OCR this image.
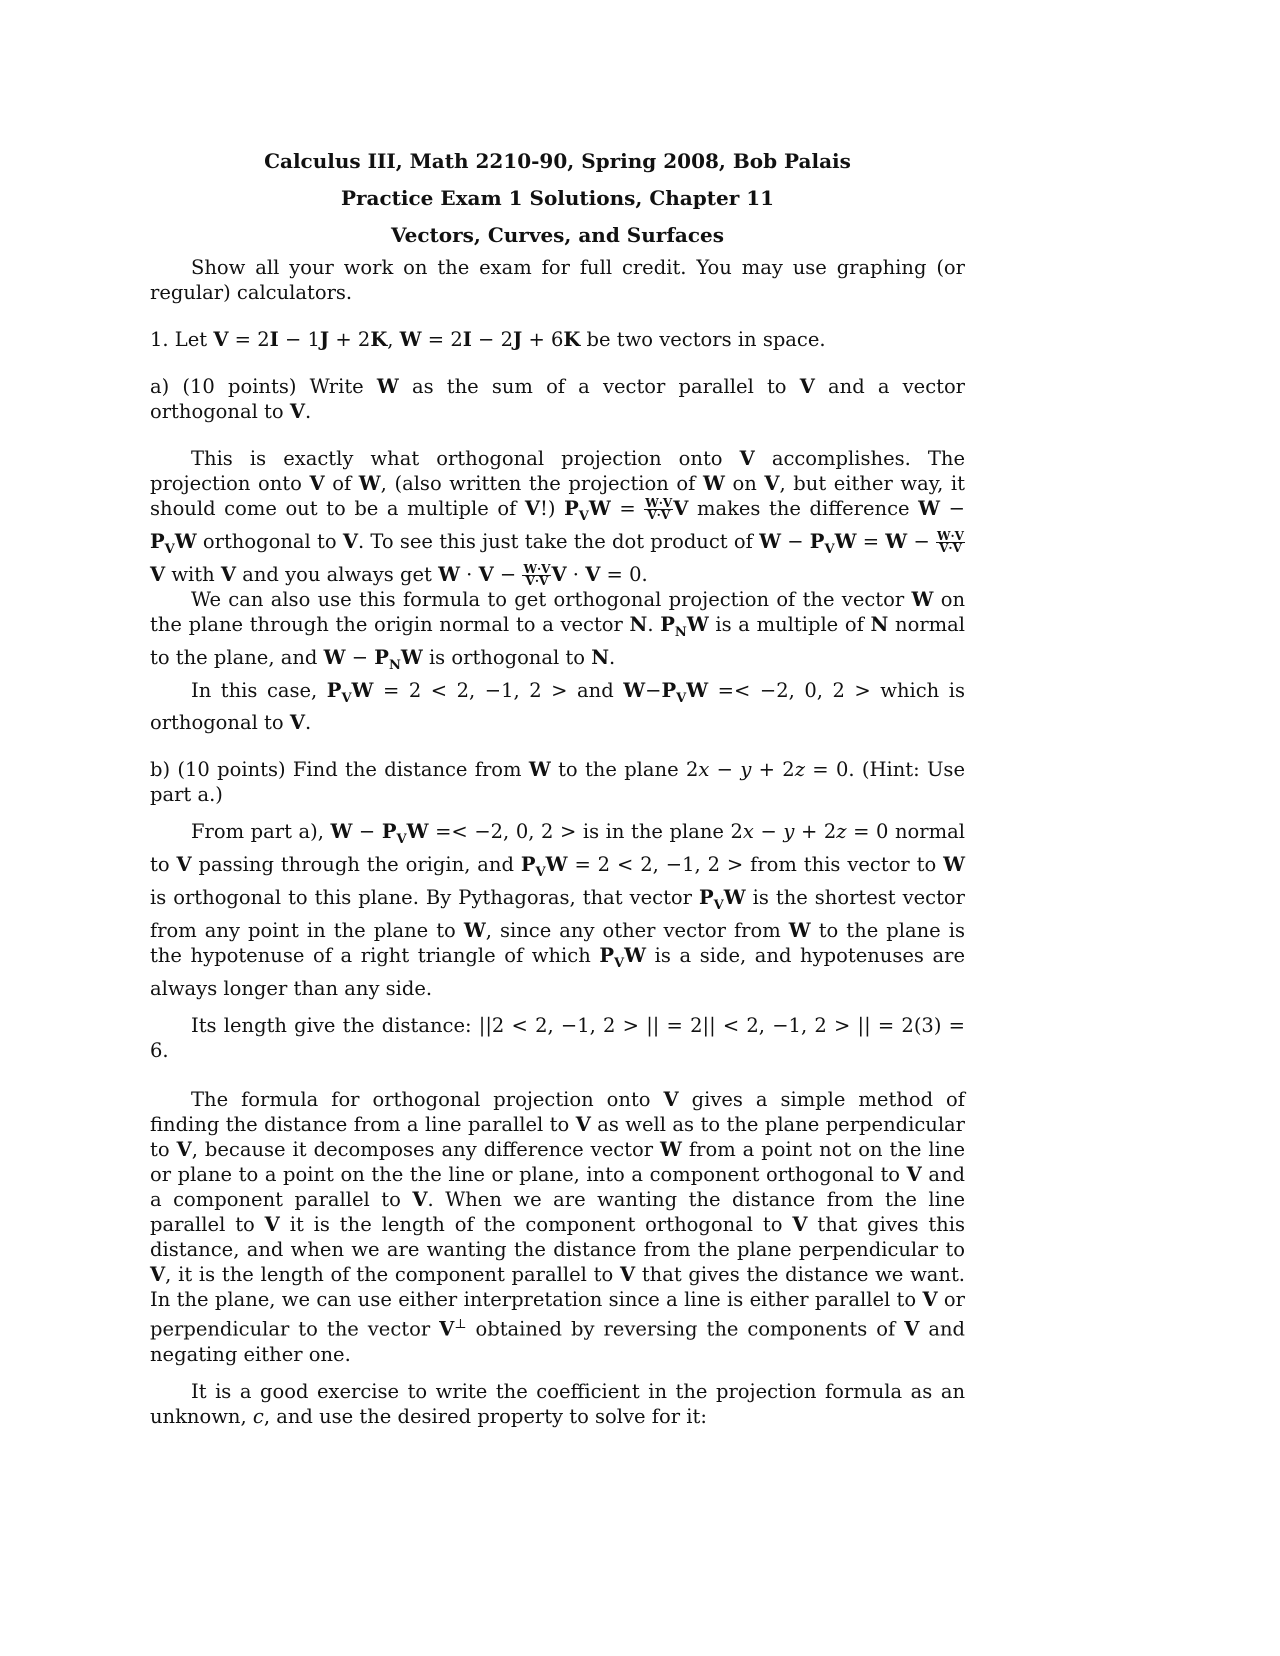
Calculus III, Math 2210-90, Spring 2008, Bob Palais
Practice Exam 1 Solutions, Chapter 11
Vectors, Curves, and Surfaces

Show all your work on the exam for full credit. You may use graphing (or regular) calculators.

1. Let V = 2I − 1J + 2K, W = 2I − 2J + 6K be two vectors in space.

a) (10 points) Write W as the sum of a vector parallel to V and a vector orthogonal to V.

This is exactly what orthogonal projection onto V accomplishes. The projection onto V of W, (also written the projection of W on V, but either way, it should come out to be a multiple of V!) $P_VW = \frac{W\cdot V}{V\cdot V}$ V makes the difference $W - P_VW$ orthogonal to V. To see this just take the dot product of $W - P_VW = W - \frac{W\cdot V}{V\cdot V}$
V with V and you always get $W \cdot V - \frac{W\cdot V}{V\cdot V}$ V · V = 0.

We can also use this formula to get orthogonal projection of the vector W on the plane through the origin normal to a vector N. $P_NW$ is a multiple of N normal to the plane, and $W - P_NW$ is orthogonal to N.

In this case, $P_VW = 2 < 2$, −1, 2 > and $W-P_VW =< -2$, 0, 2 > which is orthogonal to V.

b) (10 points) Find the distance from W to the plane 2x − y + 2z = 0. (Hint: Use part a.)

From part a), $W - P_VW =< -2$, 0, 2 > is in the plane 2x − y + 2z = 0 normal to V passing through the origin, and $P_VW = 2 < 2$, −1, 2 > from this vector to W is orthogonal to this plane. By Pythagoras, that vector $P_VW$ is the shortest vector from any point in the plane to W, since any other vector from W to the plane is the hypotenuse of a right triangle of which $P_VW$ is a side, and hypotenuses are always longer than any side.

Its length give the distance: ||2 < 2, −1, 2 > || = 2|| < 2, −1, 2 > || = 2(3) = 6.

The formula for orthogonal projection onto V gives a simple method of finding the distance from a line parallel to V as well as to the plane perpendicular to V, because it decomposes any difference vector W from a point not on the line or plane to a point on the the line or plane, into a component orthogonal to V and a component parallel to V. When we are wanting the distance from the line parallel to V it is the length of the component orthogonal to V that gives this distance, and when we are wanting the distance from the plane perpendicular to V, it is the length of the component parallel to V that gives the distance we want. In the plane, we can use either interpretation since a line is either parallel to V or perpendicular to the vector V⊥ obtained by reversing the components of V and negating either one.

It is a good exercise to write the coefficient in the projection formula as an unknown, c, and use the desired property to solve for it:
